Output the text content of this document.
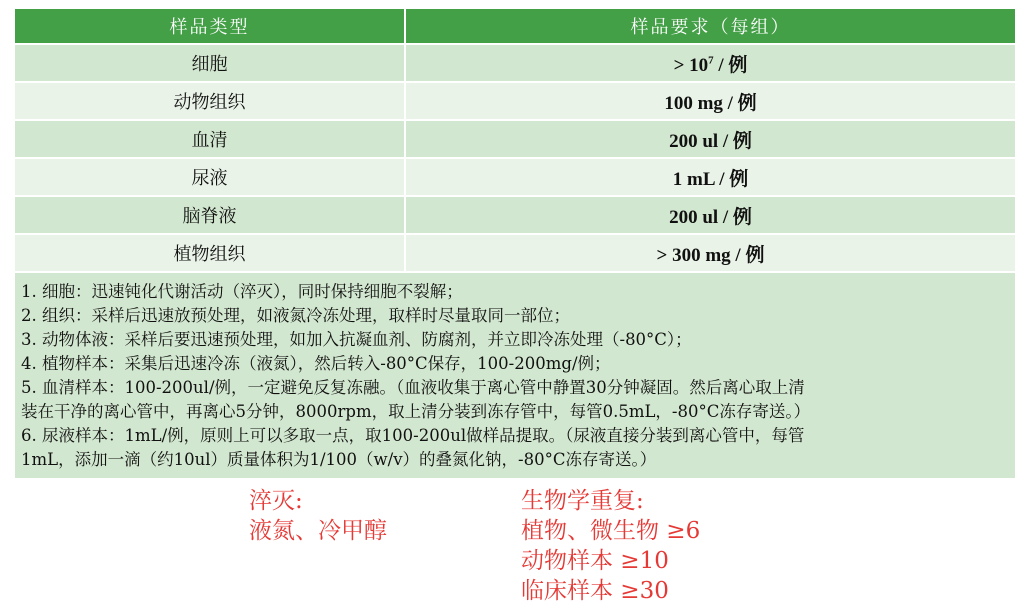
样品类型	样品要求（每组）
细胞	> $10^7$ / 例
动物组织	100 mg / 例
血清	200 ul / 例
尿液	1 mL / 例
脑脊液	200 ul / 例
植物组织	> 300 mg / 例
1. 细胞：迅速钝化代谢活动（淬灭），同时保持细胞不裂解；
2. 组织：采样后迅速放预处理，如液氮冷冻处理，取样时尽量取同一部位；
3. 动物体液：采样后要迅速预处理，如加入抗凝血剂、防腐剂，并立即冷冻处理（-80°C）；
4. 植物样本：采集后迅速冷冻（液氮），然后转入-80°C保存，100-200mg/例；
5. 血清样本：100-200ul/例，一定避免反复冻融。（血液收集于离心管中静置30分钟凝固。然后离心取上清
装在干净的离心管中，再离心5分钟，8000rpm，取上清分装到冻存管中，每管0.5mL，-80°C冻存寄送。）
6. 尿液样本：1mL/例，原则上可以多取一点，取100-200ul做样品提取。（尿液直接分装到离心管中，每管
1mL，添加一滴（约10ul）质量体积为1/100（w/v）的叠氮化钠，-80°C冻存寄送。）
淬灭:
液氮、冷甲醇
生物学重复:
植物、微生物 ≥6
动物样本 ≥10
临床样本 ≥30
